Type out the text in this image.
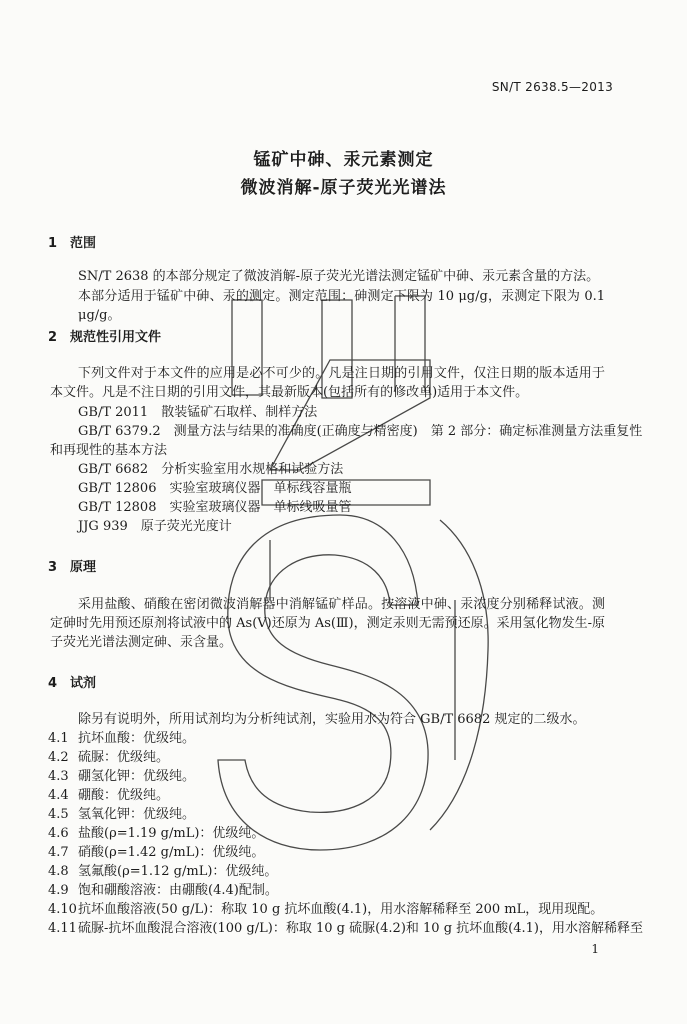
SN/T 2638.5—2013
锰矿中砷、汞元素测定
微波消解-原子荧光光谱法
1 范围
SN/T 2638 的本部分规定了微波消解-原子荧光光谱法测定锰矿中砷、汞元素含量的方法。
本部分适用于锰矿中砷、汞的测定。测定范围：砷测定下限为 10 μg/g，汞测定下限为 0.1 μg/g。
2 规范性引用文件
下列文件对于本文件的应用是必不可少的。凡是注日期的引用文件，仅注日期的版本适用于本文件。凡是不注日期的引用文件，其最新版本(包括所有的修改单)适用于本文件。
GB/T 2011　散装锰矿石取样、制样方法
GB/T 6379.2　测量方法与结果的准确度(正确度与精密度)　第 2 部分：确定标准测量方法重复性
和再现性的基本方法
GB/T 6682　分析实验室用水规格和试验方法
GB/T 12806　实验室玻璃仪器　单标线容量瓶
GB/T 12808　实验室玻璃仪器　单标线吸量管
JJG 939　原子荧光光度计
3 原理
采用盐酸、硝酸在密闭微波消解器中消解锰矿样品。按溶液中砷、汞浓度分别稀释试液。测定砷时先用预还原剂将试液中的 As(Ⅴ)还原为 As(Ⅲ)，测定汞则无需预还原。采用氢化物发生-原子荧光光谱法测定砷、汞含量。
4 试剂
除另有说明外，所用试剂均为分析纯试剂，实验用水为符合 GB/T 6682 规定的二级水。
4.1 抗坏血酸：优级纯。
4.2 硫脲：优级纯。
4.3 硼氢化钾：优级纯。
4.4 硼酸：优级纯。
4.5 氢氧化钾：优级纯。
4.6 盐酸(ρ=1.19 g/mL)：优级纯。
4.7 硝酸(ρ=1.42 g/mL)：优级纯。
4.8 氢氟酸(ρ=1.12 g/mL)：优级纯。
4.9 饱和硼酸溶液：由硼酸(4.4)配制。
4.10抗坏血酸溶液(50 g/L)：称取 10 g 抗坏血酸(4.1)，用水溶解稀释至 200 mL，现用现配。
4.11硫脲-抗坏血酸混合溶液(100 g/L)：称取 10 g 硫脲(4.2)和 10 g 抗坏血酸(4.1)，用水溶解稀释至
1
